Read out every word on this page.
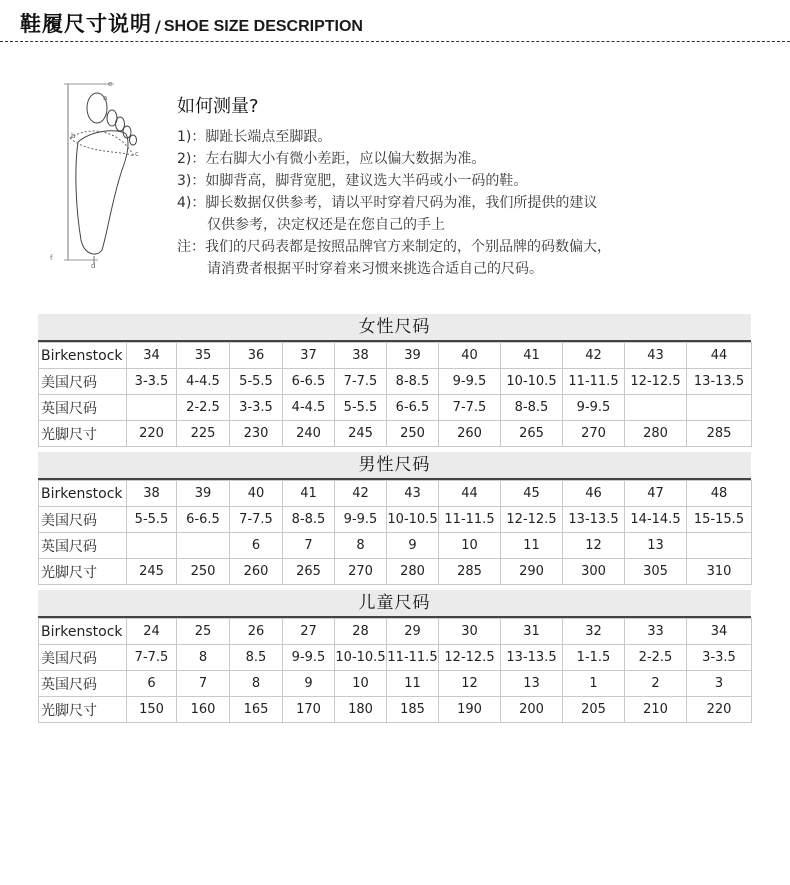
鞋履尺寸说明 / SHOE SIZE DESCRIPTION
e
a
b
c
d
f
如何测量?
1)：脚趾长端点至脚跟。
2)：左右脚大小有微小差距，应以偏大数据为准。
3)：如脚背高，脚背宽肥，建议选大半码或小一码的鞋。
4)：脚长数据仅供参考，请以平时穿着尺码为准，我们所提供的建议
仅供参考，决定权还是在您自己的手上
注：我们的尺码表都是按照品牌官方来制定的，个别品牌的码数偏大，
请消费者根据平时穿着来习惯来挑选合适自己的尺码。
女性尺码
Birkenstock	34	35	36	37	38	39	40	41	42	43	44
美国尺码	3-3.5	4-4.5	5-5.5	6-6.5	7-7.5	8-8.5	9-9.5	10-10.5	11-11.5	12-12.5	13-13.5
英国尺码		2-2.5	3-3.5	4-4.5	5-5.5	6-6.5	7-7.5	8-8.5	9-9.5		
光脚尺寸	220	225	230	240	245	250	260	265	270	280	285
男性尺码
Birkenstock	38	39	40	41	42	43	44	45	46	47	48
美国尺码	5-5.5	6-6.5	7-7.5	8-8.5	9-9.5	10-10.5	11-11.5	12-12.5	13-13.5	14-14.5	15-15.5
英国尺码			6	7	8	9	10	11	12	13	
光脚尺寸	245	250	260	265	270	280	285	290	300	305	310
儿童尺码
Birkenstock	24	25	26	27	28	29	30	31	32	33	34
美国尺码	7-7.5	8	8.5	9-9.5	10-10.5	11-11.5	12-12.5	13-13.5	1-1.5	2-2.5	3-3.5
英国尺码	6	7	8	9	10	11	12	13	1	2	3
光脚尺寸	150	160	165	170	180	185	190	200	205	210	220
